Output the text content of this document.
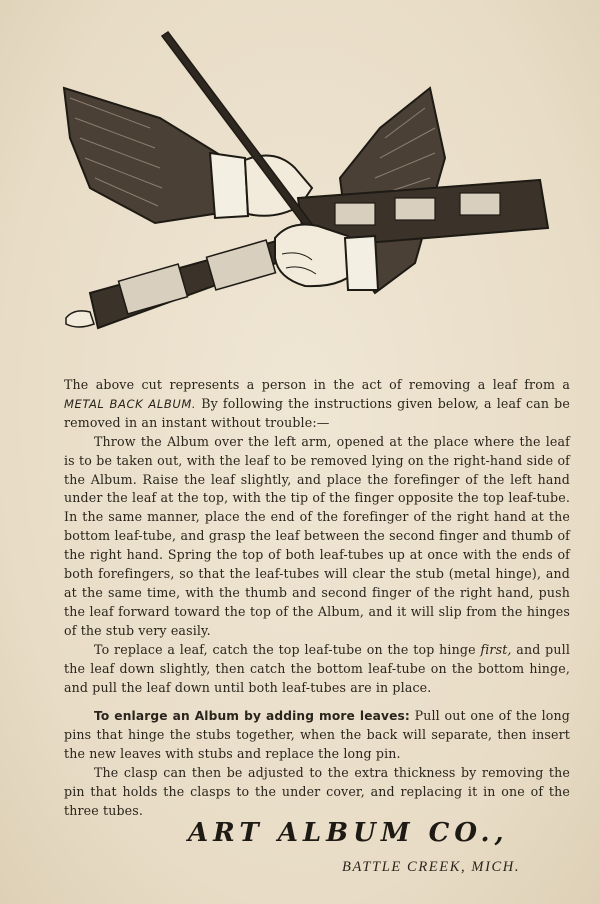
The above cut represents a person in the act of removing a leaf from a METAL BACK ALBUM. By following the instructions given below, a leaf can be removed in an instant without trouble:—

Throw the Album over the left arm, opened at the place where the leaf is to be taken out, with the leaf to be removed lying on the right-hand side of the Album. Raise the leaf slightly, and place the forefinger of the left hand under the leaf at the top, with the tip of the finger opposite the top leaf-tube. In the same manner, place the end of the forefinger of the right hand at the bottom leaf-tube, and grasp the leaf between the second finger and thumb of the right hand. Spring the top of both leaf-tubes up at once with the ends of both forefingers, so that the leaf-tubes will clear the stub (metal hinge), and at the same time, with the thumb and second finger of the right hand, push the leaf forward toward the top of the Album, and it will slip from the hinges of the stub very easily.

To replace a leaf, catch the top leaf-tube on the top hinge first, and pull the leaf down slightly, then catch the bottom leaf-tube on the bottom hinge, and pull the leaf down until both leaf-tubes are in place.

To enlarge an Album by adding more leaves: Pull out one of the long pins that hinge the stubs together, when the back will separate, then insert the new leaves with stubs and replace the long pin.

The clasp can then be adjusted to the extra thickness by removing the pin that holds the clasps to the under cover, and replacing it in one of the three tubes.

ART ALBUM CO.,
BATTLE CREEK, MICH.
